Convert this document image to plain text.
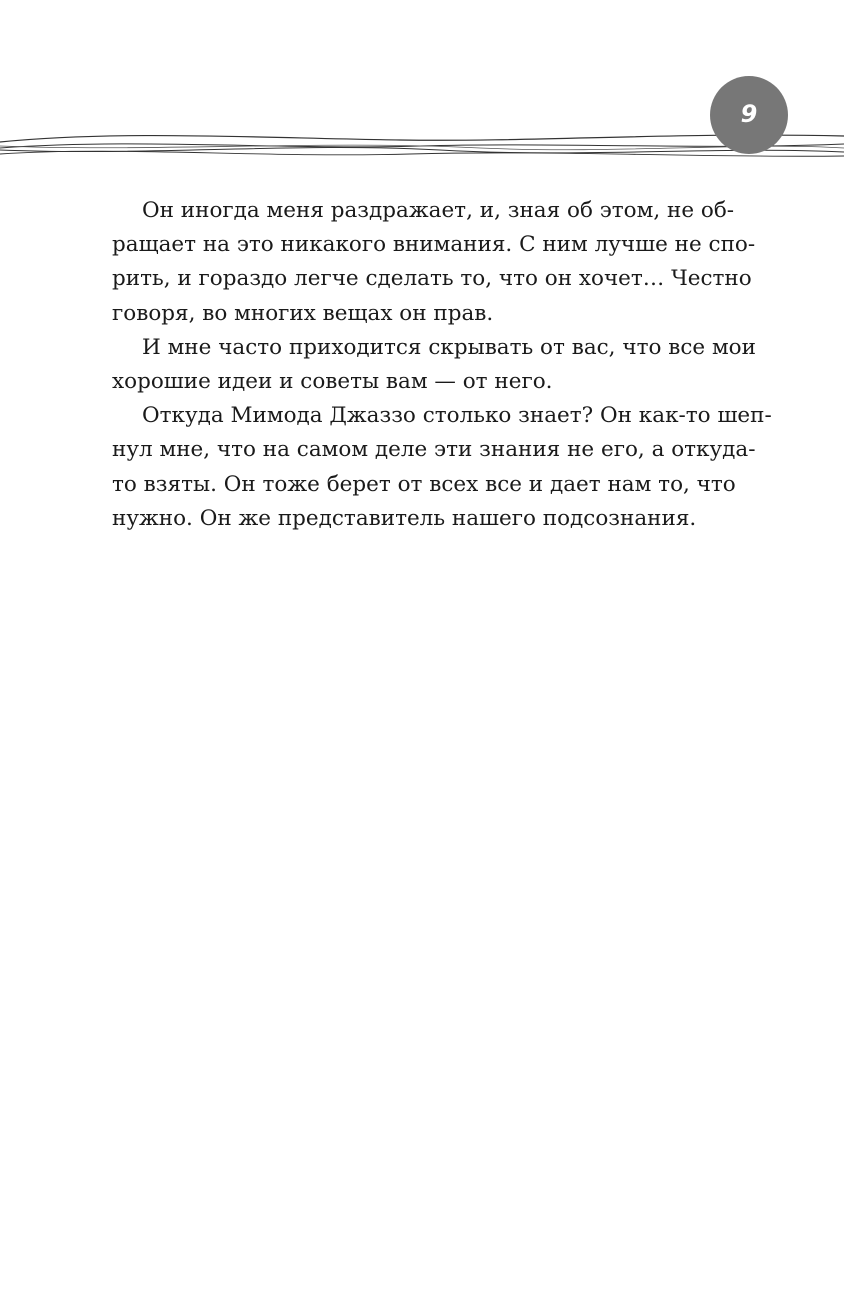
9
Он иногда меня раздражает, и, зная об этом, не об-
ращает на это никакого внимания. С ним лучше не спо-
рить, и гораздо легче сделать то, что он хочет… Честно
говоря, во многих вещах он прав.
И мне часто приходится скрывать от вас, что все мои
хорошие идеи и советы вам — от него.
Откуда Мимода Джаззо столько знает? Он как-то шеп-
нул мне, что на самом деле эти знания не его, а откуда-
то взяты. Он тоже берет от всех все и дает нам то, что
нужно. Он же представитель нашего подсознания.
